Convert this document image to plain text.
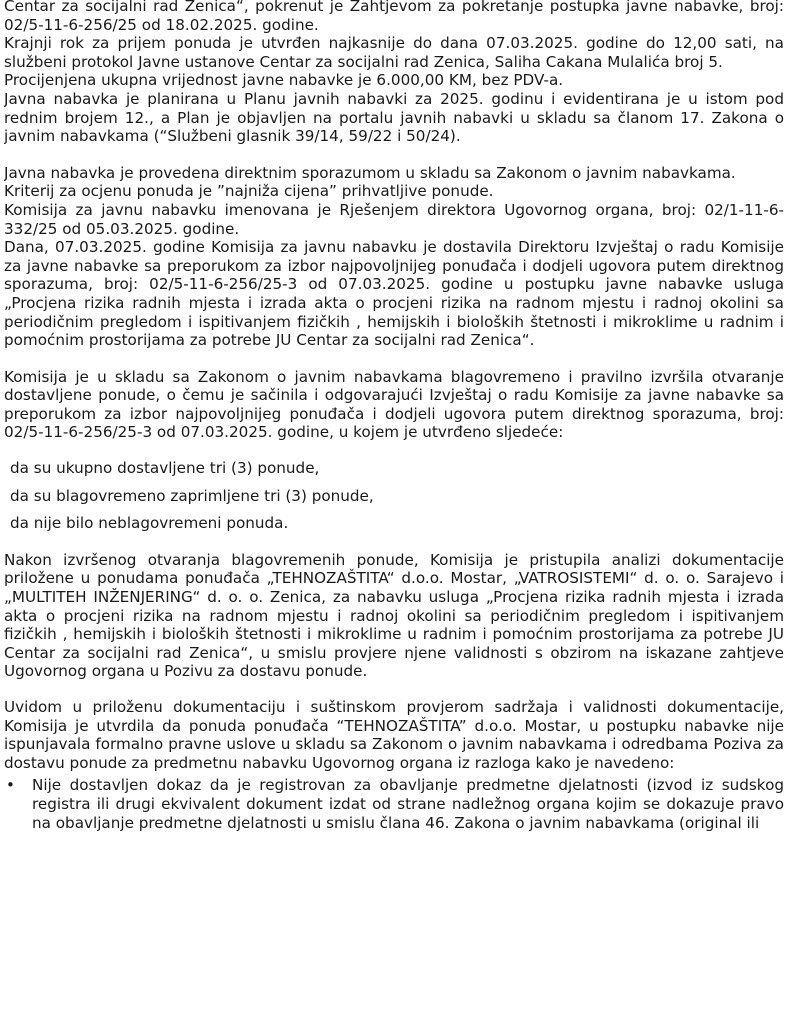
Centar za socijalni rad Zenica“, pokrenut je Zahtjevom za pokretanje postupka javne nabavke, broj: 02/5-11-6-256/25 od 18.02.2025. godine.

Krajnji rok za prijem ponuda je utvrđen najkasnije do dana 07.03.2025. godine do 12,00 sati, na službeni protokol Javne ustanove Centar za socijalni rad Zenica, Saliha Cakana Mulalića broj 5.

Procijenjena ukupna vrijednost javne nabavke je 6.000,00 KM, bez PDV-a.

Javna nabavka je planirana u Planu javnih nabavki za 2025. godinu i evidentirana je u istom pod rednim brojem 12., a Plan je objavljen na portalu javnih nabavki u skladu sa članom 17. Zakona o javnim nabavkama (“Službeni glasnik 39/14, 59/22 i 50/24).

Javna nabavka je provedena direktnim sporazumom u skladu sa Zakonom o javnim nabavkama.

Kriterij za ocjenu ponuda je ”najniža cijena” prihvatljive ponude.

Komisija za javnu nabavku imenovana je Rješenjem direktora Ugovornog organa, broj: 02/1-11-6-332/25 od 05.03.2025. godine.

Dana, 07.03.2025. godine Komisija za javnu nabavku je dostavila Direktoru Izvještaj o radu Komisije za javne nabavke sa preporukom za izbor najpovoljnijeg ponuđača i dodjeli ugovora putem direktnog sporazuma, broj: 02/5-11-6-256/25-3 od 07.03.2025. godine u postupku javne nabavke usluga „Procjena rizika radnih mjesta i izrada akta o procjeni rizika na radnom mjestu i radnoj okolini sa periodičnim pregledom i ispitivanjem fizičkih , hemijskih i bioloških štetnosti i mikroklime u radnim i pomoćnim prostorijama za potrebe JU Centar za socijalni rad Zenica“.

Komisija je u skladu sa Zakonom o javnim nabavkama blagovremeno i pravilno izvršila otvaranje dostavljene ponude, o čemu je sačinila i odgovarajući Izvještaj o radu Komisije za javne nabavke sa preporukom za izbor najpovoljnijeg ponuđača i dodjeli ugovora putem direktnog sporazuma, broj: 02/5-11-6-256/25-3 od 07.03.2025. godine, u kojem je utvrđeno sljedeće:

da su ukupno dostavljene tri (3) ponude,

da su blagovremeno zaprimljene tri (3) ponude,

da nije bilo neblagovremeni ponuda.

Nakon izvršenog otvaranja blagovremenih ponude, Komisija je pristupila analizi dokumentacije priložene u ponudama ponuđača „TEHNOZAŠTITA“ d.o.o. Mostar, „VATROSISTEMI“ d. o. o. Sarajevo i „MULTITEH INŽENJERING“ d. o. o. Zenica, za nabavku usluga „Procjena rizika radnih mjesta i izrada akta o procjeni rizika na radnom mjestu i radnoj okolini sa periodičnim pregledom i ispitivanjem fizičkih , hemijskih i bioloških štetnosti i mikroklime u radnim i pomoćnim prostorijama za potrebe JU Centar za socijalni rad Zenica“, u smislu provjere njene validnosti s obzirom na iskazane zahtjeve Ugovornog organa u Pozivu za dostavu ponude.

Uvidom u priloženu dokumentaciju i suštinskom provjerom sadržaja i validnosti dokumentacije, Komisija je utvrdila da ponuda ponuđača “TEHNOZAŠTITA” d.o.o. Mostar, u postupku nabavke nije ispunjavala formalno pravne uslove u skladu sa Zakonom o javnim nabavkama i odredbama Poziva za dostavu ponude za predmetnu nabavku Ugovornog organa iz razloga kako je navedeno:

•	Nije dostavljen dokaz da je registrovan za obavljanje predmetne djelatnosti (izvod iz sudskog registra ili drugi ekvivalent dokument izdat od strane nadležnog organa kojim se dokazuje pravo na obavljanje predmetne djelatnosti u smislu člana 46. Zakona o javnim nabavkama (original ili
